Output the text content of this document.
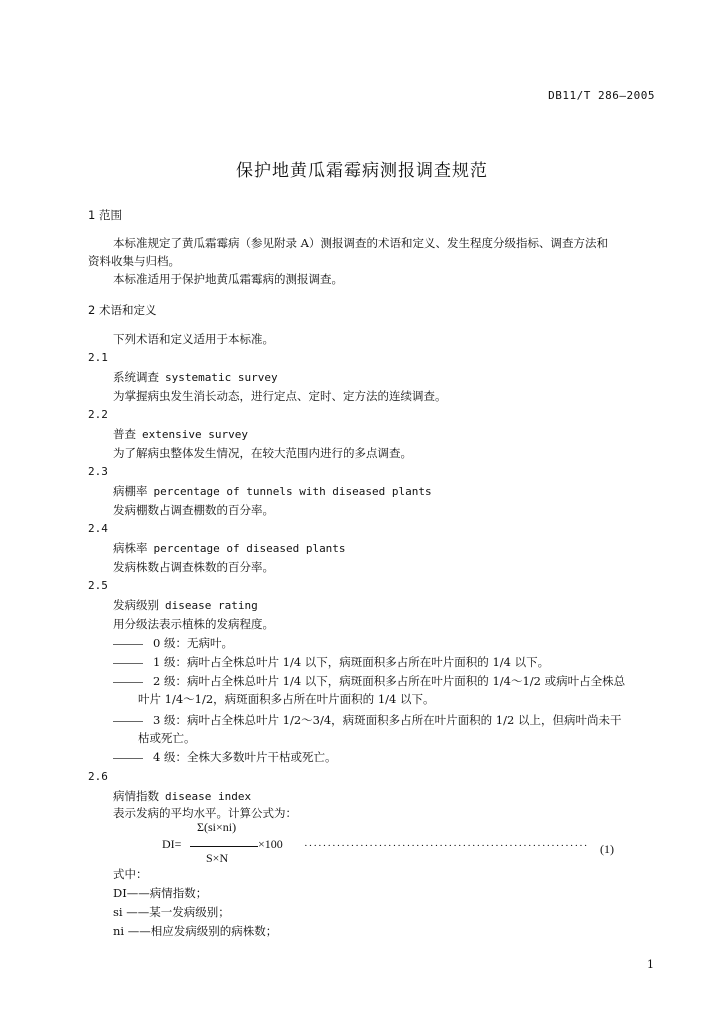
DB11/T 286—2005
保护地黄瓜霜霉病测报调查规范
1 范围
本标准规定了黄瓜霜霉病（参见附录 A）测报调查的术语和定义、发生程度分级指标、调查方法和
资料收集与归档。
本标准适用于保护地黄瓜霜霉病的测报调查。
2 术语和定义
下列术语和定义适用于本标准。
2.1
系统调查 systematic survey
为掌握病虫发生消长动态，进行定点、定时、定方法的连续调查。
2.2
普查 extensive survey
为了解病虫整体发生情况，在较大范围内进行的多点调查。
2.3
病棚率 percentage of tunnels with diseased plants
发病棚数占调查棚数的百分率。
2.4
病株率 percentage of diseased plants
发病株数占调查株数的百分率。
2.5
发病级别 disease rating
用分级法表示植株的发病程度。
0 级：无病叶。
1 级：病叶占全株总叶片 1/4 以下，病斑面积多占所在叶片面积的 1/4 以下。
2 级：病叶占全株总叶片 1/4 以下，病斑面积多占所在叶片面积的 1/4～1/2 或病叶占全株总
叶片 1/4～1/2，病斑面积多占所在叶片面积的 1/4 以下。
3 级：病叶占全株总叶片 1/2～3/4，病斑面积多占所在叶片面积的 1/2 以上，但病叶尚未干
枯或死亡。
4 级：全株大多数叶片干枯或死亡。
2.6
病情指数 disease index
表示发病的平均水平。计算公式为：
Σ(si×ni)
DI=	×100
S×N
····························································· (1)
式中：
DI——病情指数；
si ——某一发病级别；
ni ——相应发病级别的病株数；
1
